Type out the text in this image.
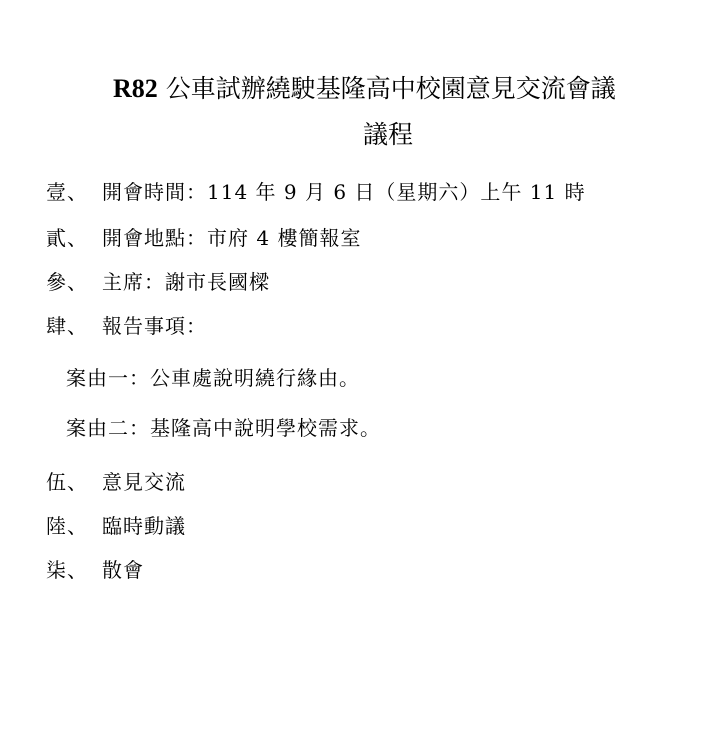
R82 公車試辦繞駛基隆高中校園意見交流會議
議程
壹、 開會時間：114 年 9 月 6 日（星期六）上午 11 時
貳、 開會地點：市府 4 樓簡報室
參、 主席：謝市長國樑
肆、 報告事項：
案由一：公車處說明繞行緣由。
案由二：基隆高中說明學校需求。
伍、 意見交流
陸、 臨時動議
柒、 散會
